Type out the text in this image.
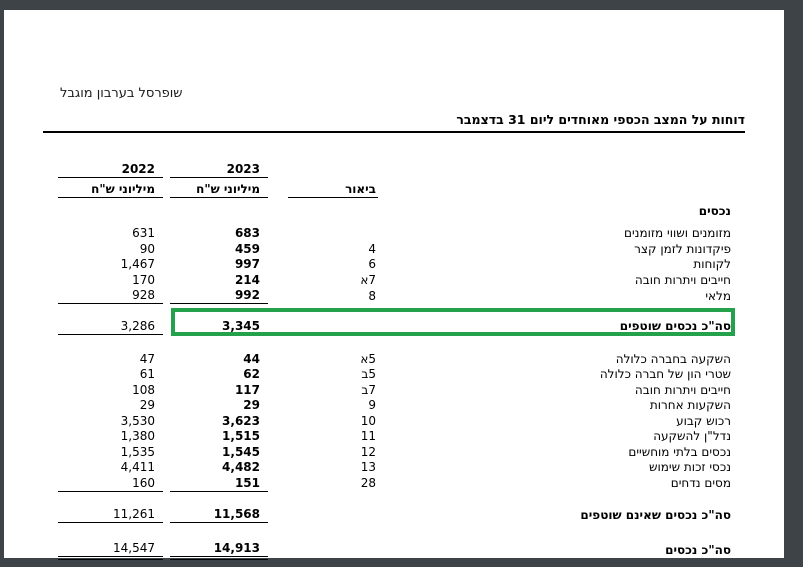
שופרסל בערבון מוגבל
דוחות על המצב הכספי מאוחדים ליום 31 בדצמבר
			2023		2022
	ביאור		מיליוני ש"ח		מיליוני ש"ח

נכסים					

מזומנים ושווי מזומנים			683		631
פיקדונות לזמן קצר	4		459		90
לקוחות	6		997		1,467
חייבים ויתרות חובה	7א		214		170
מלאי	8		992		928

סה"כ נכסים שוטפים			3,345		3,286

השקעה בחברה כלולה	5א		44		47
שטרי הון של חברה כלולה	5ב		62		61
חייבים ויתרות חובה	7ב		117		108
השקעות אחרות	9		29		29
רכוש קבוע	10		3,623		3,530
נדל"ן להשקעה	11		1,515		1,380
נכסים בלתי מוחשיים	12		1,545		1,535
נכסי זכות שימוש	13		4,482		4,411
מסים נדחים	28		151		160

סה"כ נכסים שאינם שוטפים			11,568		11,261

סה"כ נכסים			14,913		14,547
